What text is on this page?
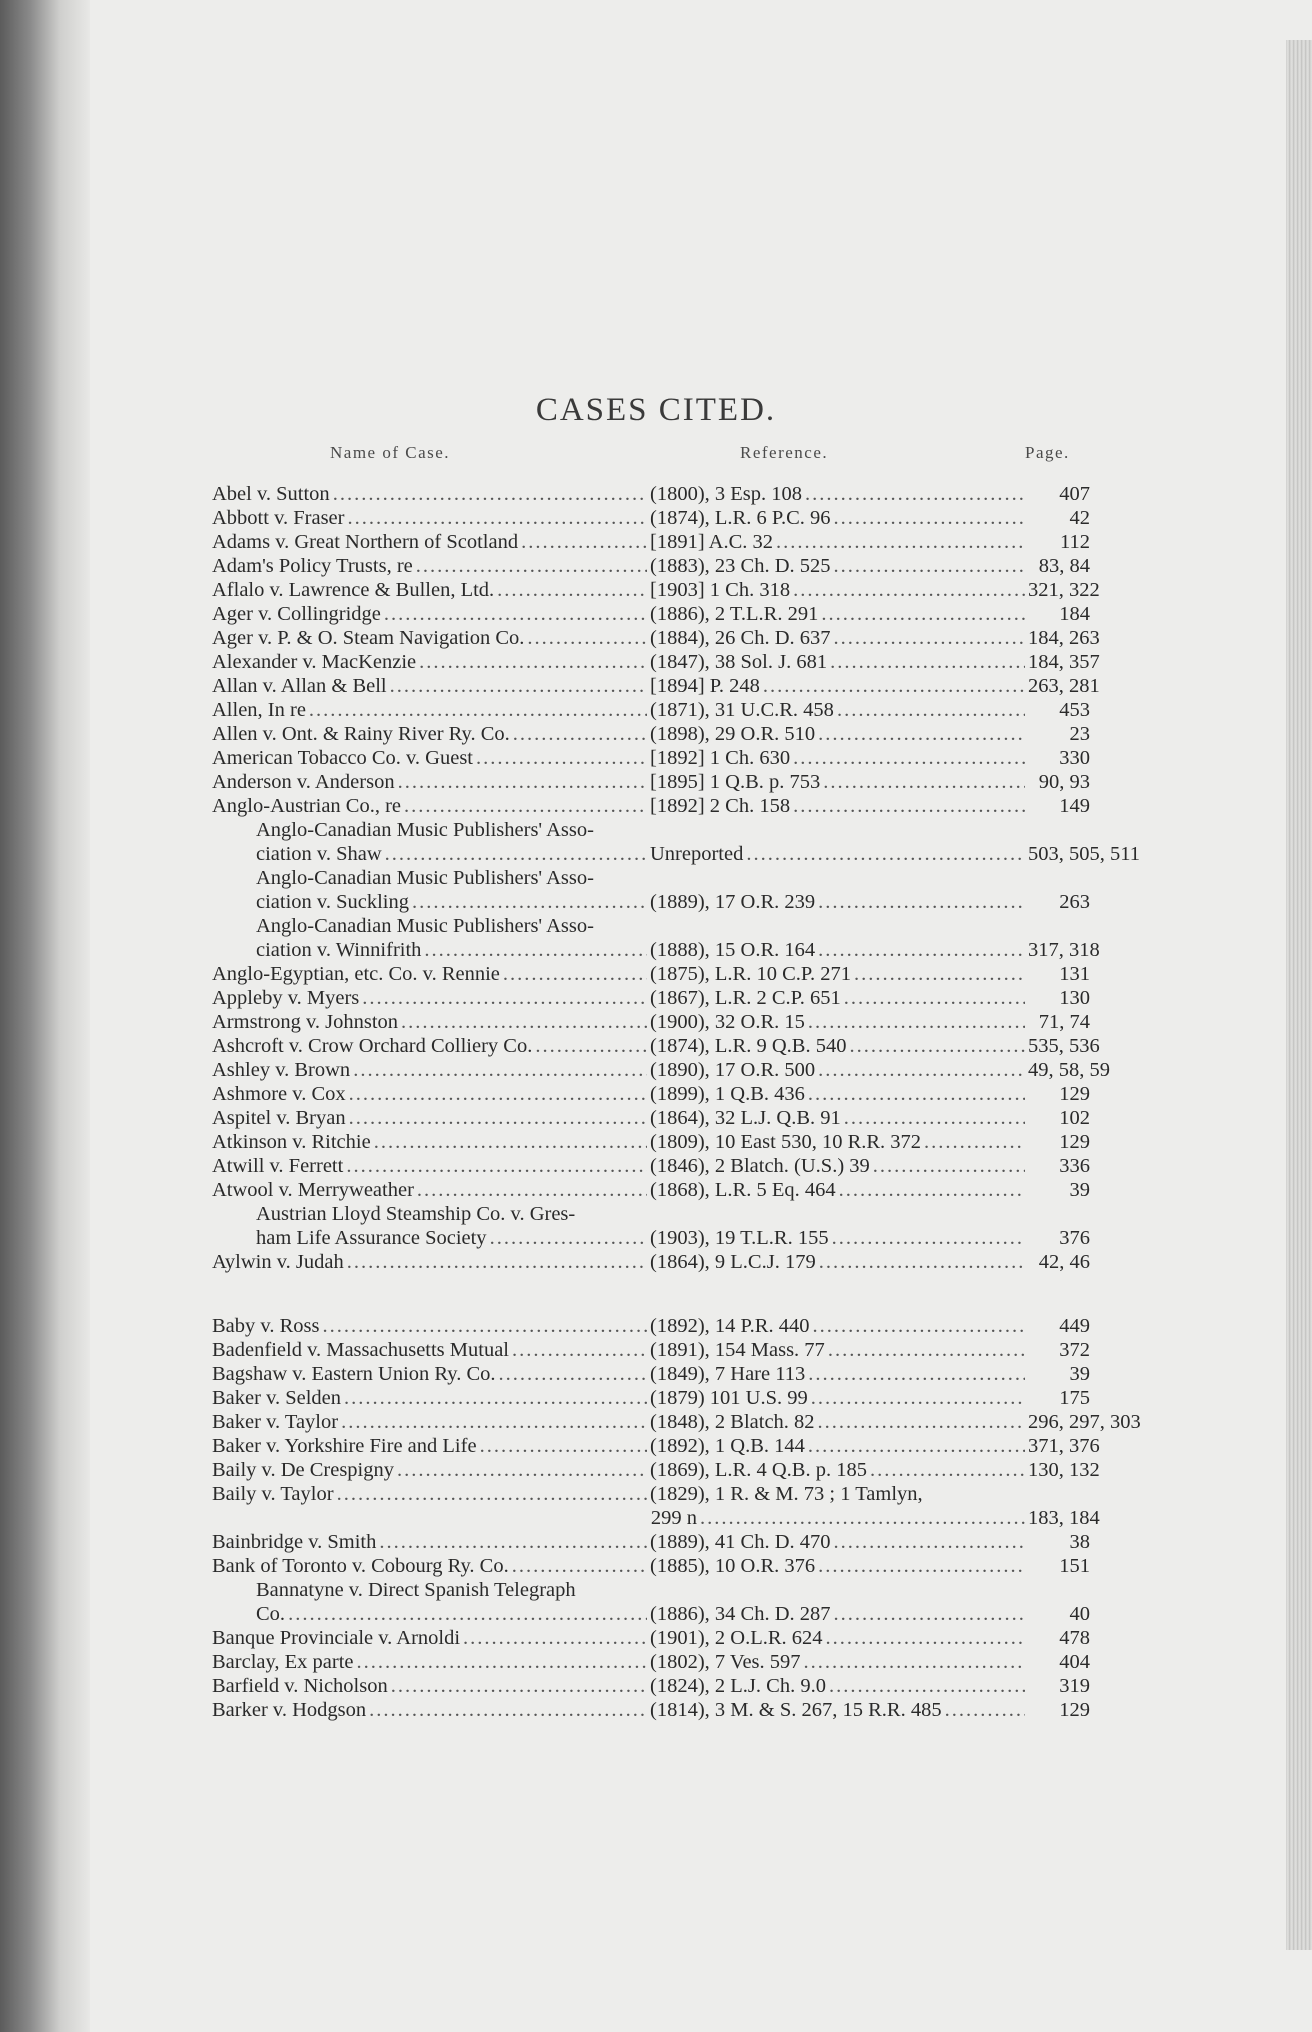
CASES CITED.
Name of Case.	Reference.	Page.
Abel v. Sutton .....	(1800), 3 Esp. 108 .....	407
Abbott v. Fraser .....	(1874), L.R. 6 P.C. 96 .....	42
Adams v. Great Northern of Scotland .....	[1891] A.C. 32 .....	112
Adam's Policy Trusts, re .....	(1883), 23 Ch. D. 525 .....	83, 84
Aflalo v. Lawrence & Bullen, Ltd. .....	[1903] 1 Ch. 318 .....	321, 322
Ager v. Collingridge .....	(1886), 2 T.L.R. 291 .....	184
Ager v. P. & O. Steam Navigation Co. .....	(1884), 26 Ch. D. 637 .....	184, 263
Alexander v. MacKenzie .....	(1847), 38 Sol. J. 681 .....	184, 357
Allan v. Allan & Bell .....	[1894] P. 248 .....	263, 281
Allen, In re .....	(1871), 31 U.C.R. 458 .....	453
Allen v. Ont. & Rainy River Ry. Co. .....	(1898), 29 O.R. 510 .....	23
American Tobacco Co. v. Guest .....	[1892] 1 Ch. 630 .....	330
Anderson v. Anderson .....	[1895] 1 Q.B. p. 753 .....	90, 93
Anglo-Austrian Co., re .....	[1892] 2 Ch. 158 .....	149
Anglo-Canadian Music Publishers' Asso-
ciation v. Shaw .....	Unreported .....	503, 505, 511
Anglo-Canadian Music Publishers' Asso-
ciation v. Suckling .....	(1889), 17 O.R. 239 .....	263
Anglo-Canadian Music Publishers' Asso-
ciation v. Winnifrith .....	(1888), 15 O.R. 164 .....	317, 318
Anglo-Egyptian, etc. Co. v. Rennie .....	(1875), L.R. 10 C.P. 271 .....	131
Appleby v. Myers .....	(1867), L.R. 2 C.P. 651 .....	130
Armstrong v. Johnston .....	(1900), 32 O.R. 15 .....	71, 74
Ashcroft v. Crow Orchard Colliery Co. .....	(1874), L.R. 9 Q.B. 540 .....	535, 536
Ashley v. Brown .....	(1890), 17 O.R. 500 .....	49, 58, 59
Ashmore v. Cox .....	(1899), 1 Q.B. 436 .....	129
Aspitel v. Bryan .....	(1864), 32 L.J. Q.B. 91 .....	102
Atkinson v. Ritchie .....	(1809), 10 East 530, 10 R.R. 372 .....	129
Atwill v. Ferrett .....	(1846), 2 Blatch. (U.S.) 39 .....	336
Atwool v. Merryweather .....	(1868), L.R. 5 Eq. 464 .....	39
Austrian Lloyd Steamship Co. v. Gres-
ham Life Assurance Society .....	(1903), 19 T.L.R. 155 .....	376
Aylwin v. Judah .....	(1864), 9 L.C.J. 179 .....	42, 46
Baby v. Ross .....	(1892), 14 P.R. 440 .....	449
Badenfield v. Massachusetts Mutual .....	(1891), 154 Mass. 77 .....	372
Bagshaw v. Eastern Union Ry. Co. .....	(1849), 7 Hare 113 .....	39
Baker v. Selden .....	(1879) 101 U.S. 99 .....	175
Baker v. Taylor .....	(1848), 2 Blatch. 82 .....	296, 297, 303
Baker v. Yorkshire Fire and Life .....	(1892), 1 Q.B. 144 .....	371, 376
Baily v. De Crespigny .....	(1869), L.R. 4 Q.B. p. 185 .....	130, 132
Baily v. Taylor .....	(1829), 1 R. & M. 73 ; 1 Tamlyn,
299 n .....	183, 184
Bainbridge v. Smith .....	(1889), 41 Ch. D. 470 .....	38
Bank of Toronto v. Cobourg Ry. Co. .....	(1885), 10 O.R. 376 .....	151
Bannatyne v. Direct Spanish Telegraph
Co. .....	(1886), 34 Ch. D. 287 .....	40
Banque Provinciale v. Arnoldi .....	(1901), 2 O.L.R. 624 .....	478
Barclay, Ex parte .....	(1802), 7 Ves. 597 .....	404
Barfield v. Nicholson .....	(1824), 2 L.J. Ch. 9.0 .....	319
Barker v. Hodgson .....	(1814), 3 M. & S. 267, 15 R.R. 485 .....	129
